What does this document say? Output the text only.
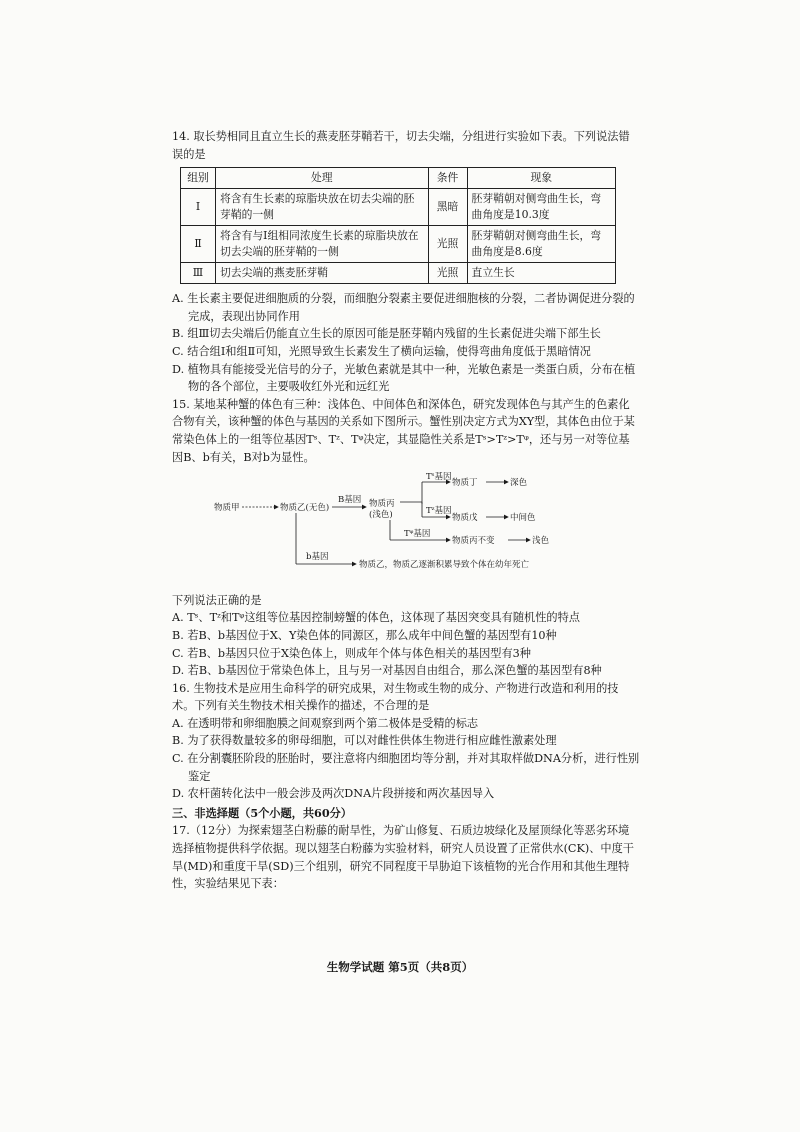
14. 取长势相同且直立生长的燕麦胚芽鞘若干，切去尖端，分组进行实验如下表。下列说法错误的是

组别	处理	条件	现象
Ⅰ	将含有生长素的琼脂块放在切去尖端的胚芽鞘的一侧	黑暗	胚芽鞘朝对侧弯曲生长，弯曲角度是10.3度
Ⅱ	将含有与Ⅰ组相同浓度生长素的琼脂块放在切去尖端的胚芽鞘的一侧	光照	胚芽鞘朝对侧弯曲生长，弯曲角度是8.6度
Ⅲ	切去尖端的燕麦胚芽鞘	光照	直立生长

A. 生长素主要促进细胞质的分裂，而细胞分裂素主要促进细胞核的分裂，二者协调促进分裂的完成，表现出协同作用

B. 组Ⅲ切去尖端后仍能直立生长的原因可能是胚芽鞘内残留的生长素促进尖端下部生长

C. 结合组Ⅰ和组Ⅱ可知，光照导致生长素发生了横向运输，使得弯曲角度低于黑暗情况

D. 植物具有能接受光信号的分子，光敏色素就是其中一种，光敏色素是一类蛋白质，分布在植物的各个部位，主要吸收红外光和远红光

15. 某地某种蟹的体色有三种：浅体色、中间体色和深体色，研究发现体色与其产生的色素化合物有关，该种蟹的体色与基因的关系如下图所示。蟹性别决定方式为XY型，其体色由位于某常染色体上的一组等位基因Tˢ、Tᶻ、Tᵠ决定，其显隐性关系是Tˢ>Tᶻ>Tᵠ，还与另一对等位基因B、b有关，B对b为显性。

物质甲	物质乙(无色)
B基因 物质丙
(浅色)
Tˢ基因
物质丁	深色
Tᶻ基因
物质戊	中间色
Tᵠ基因
物质丙不变	浅色
b基因
物质乙，物质乙逐渐积累导致个体在幼年死亡

下列说法正确的是

A. Tˢ、Tᶻ和Tᵠ这组等位基因控制螃蟹的体色，这体现了基因突变具有随机性的特点

B. 若B、b基因位于X、Y染色体的同源区，那么成年中间色蟹的基因型有10种

C. 若B、b基因只位于X染色体上，则成年个体与体色相关的基因型有3种

D. 若B、b基因位于常染色体上，且与另一对基因自由组合，那么深色蟹的基因型有8种

16. 生物技术是应用生命科学的研究成果，对生物或生物的成分、产物进行改造和利用的技术。下列有关生物技术相关操作的描述，不合理的是

A. 在透明带和卵细胞膜之间观察到两个第二极体是受精的标志

B. 为了获得数量较多的卵母细胞，可以对雌性供体生物进行相应雌性激素处理

C. 在分割囊胚阶段的胚胎时，要注意将内细胞团均等分割，并对其取样做DNA分析，进行性别鉴定

D. 农杆菌转化法中一般会涉及两次DNA片段拼接和两次基因导入

三、非选择题（5个小题，共60分）

17.（12分）为探索翅茎白粉藤的耐旱性，为矿山修复、石质边坡绿化及屋顶绿化等恶劣环境选择植物提供科学依据。现以翅茎白粉藤为实验材料，研究人员设置了正常供水(CK)、中度干旱(MD)和重度干旱(SD)三个组别，研究不同程度干旱胁迫下该植物的光合作用和其他生理特性，实验结果见下表：

生物学试题 第5页（共8页）
